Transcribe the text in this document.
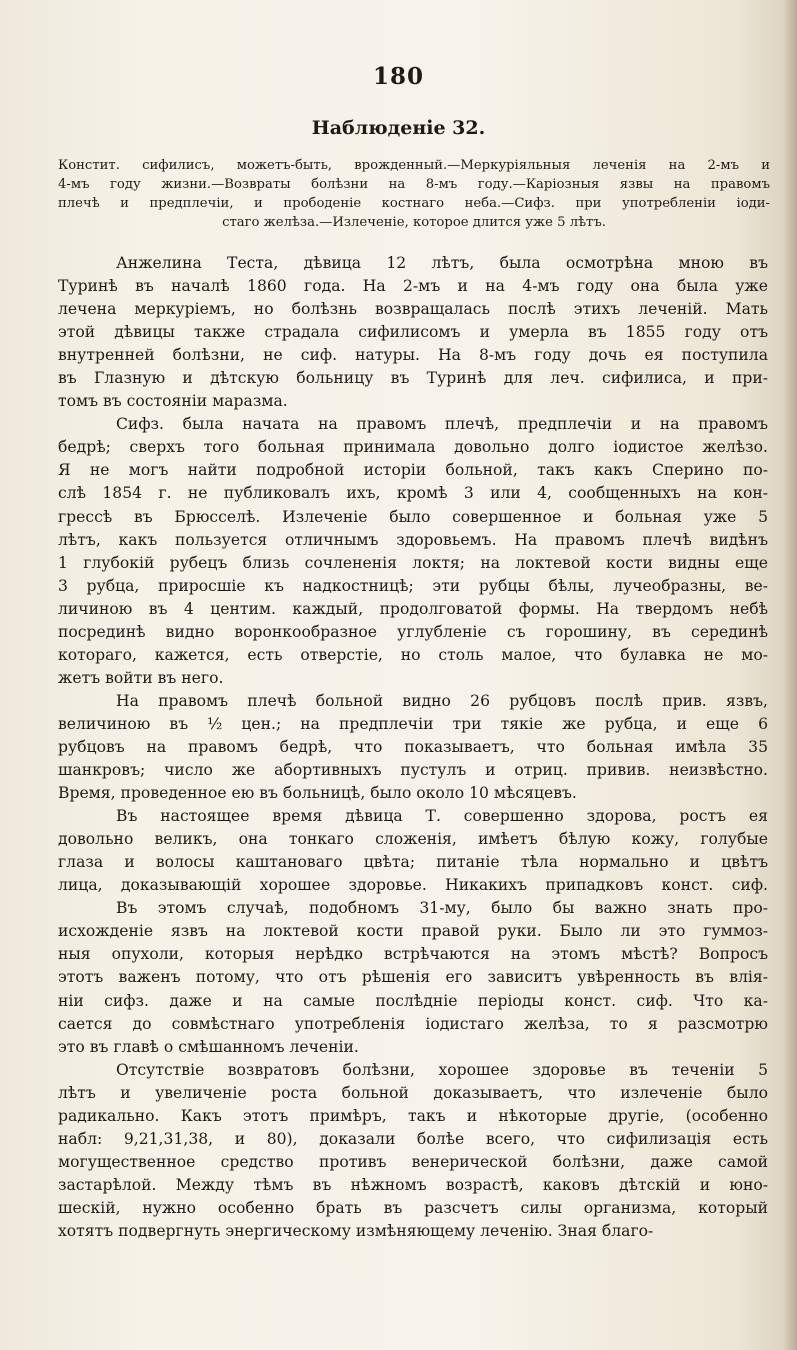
180
Наблюденіе 32.
Констит. сифилисъ, можетъ-быть, врожденный.—Меркуріяльныя леченія на 2-мъ и
4-мъ году жизни.—Возвраты болѣзни на 8-мъ году.—Каріозныя язвы на правомъ
плечѣ и предплечіи, и прободеніе костнаго неба.—Сифз. при употребленіи іоди-
стаго желѣза.—Излеченіе, которое длится уже 5 лѣтъ.
Анжелина Теста, дѣвица 12 лѣтъ, была осмотрѣна мною въ
Туринѣ въ началѣ 1860 года. На 2-мъ и на 4-мъ году она была уже
лечена меркуріемъ, но болѣзнь возвращалась послѣ этихъ леченій. Мать
этой дѣвицы также страдала сифилисомъ и умерла въ 1855 году отъ
внутренней болѣзни, не сиф. натуры. На 8-мъ году дочь ея поступила
въ Глазную и дѣтскую больницу въ Туринѣ для леч. сифилиса, и при-
томъ въ состояніи маразма.
Сифз. была начата на правомъ плечѣ, предплечіи и на правомъ
бедрѣ; сверхъ того больная принимала довольно долго іодистое желѣзо.
Я не могъ найти подробной исторіи больной, такъ какъ Сперино по-
слѣ 1854 г. не публиковалъ ихъ, кромѣ 3 или 4, сообщенныхъ на кон-
грессѣ въ Брюсселѣ. Излеченіе было совершенное и больная уже 5
лѣтъ, какъ пользуется отличнымъ здоровьемъ. На правомъ плечѣ видѣнъ
1 глубокій рубецъ близь сочлененія локтя; на локтевой кости видны еще
3 рубца, приросшіе къ надкостницѣ; эти рубцы бѣлы, лучеобразны, ве-
личиною въ 4 центим. каждый, продолговатой формы. На твердомъ небѣ
посрединѣ видно воронкообразное углубленіе съ горошину, въ серединѣ
котораго, кажется, есть отверстіе, но столь малое, что булавка не мо-
жетъ войти въ него.
На правомъ плечѣ больной видно 26 рубцовъ послѣ прив. язвъ,
величиною въ ½ цен.; на предплечіи три тякіе же рубца, и еще 6
рубцовъ на правомъ бедрѣ, что показываетъ, что больная имѣла 35
шанкровъ; число же абортивныхъ пустулъ и отриц. привив. неизвѣстно.
Время, проведенное ею въ больницѣ, было около 10 мѣсяцевъ.
Въ настоящее время дѣвица Т. совершенно здорова, ростъ ея
довольно великъ, она тонкаго сложенія, имѣетъ бѣлую кожу, голубые
глаза и волосы каштановаго цвѣта; питаніе тѣла нормально и цвѣтъ
лица, доказывающій хорошее здоровье. Никакихъ припадковъ конст. сиф.
Въ этомъ случаѣ, подобномъ 31-му, было бы важно знать про-
исхожденіе язвъ на локтевой кости правой руки. Было ли это гуммоз-
ныя опухоли, которыя нерѣдко встрѣчаются на этомъ мѣстѣ? Вопросъ
этотъ важенъ потому, что отъ рѣшенія его зависитъ увѣренность въ влія-
ніи сифз. даже и на самые послѣдніе періоды конст. сиф. Что ка-
сается до совмѣстнаго употребленія іодистаго желѣза, то я разсмотрю
это въ главѣ о смѣшанномъ леченіи.
Отсутствіе возвратовъ болѣзни, хорошее здоровье въ теченіи 5
лѣтъ и увеличеніе роста больной доказываетъ, что излеченіе было
радикально. Какъ этотъ примѣръ, такъ и нѣкоторые другіе, (особенно
набл: 9,21,31,38, и 80), доказали болѣе всего, что сифилизація есть
могущественное средство противъ венерической болѣзни, даже самой
застарѣлой. Между тѣмъ въ нѣжномъ возрастѣ, каковъ дѣтскій и юно-
шескій, нужно особенно брать въ разсчетъ силы организма, который
хотятъ подвергнуть энергическому измѣняющему леченію. Зная благо-
